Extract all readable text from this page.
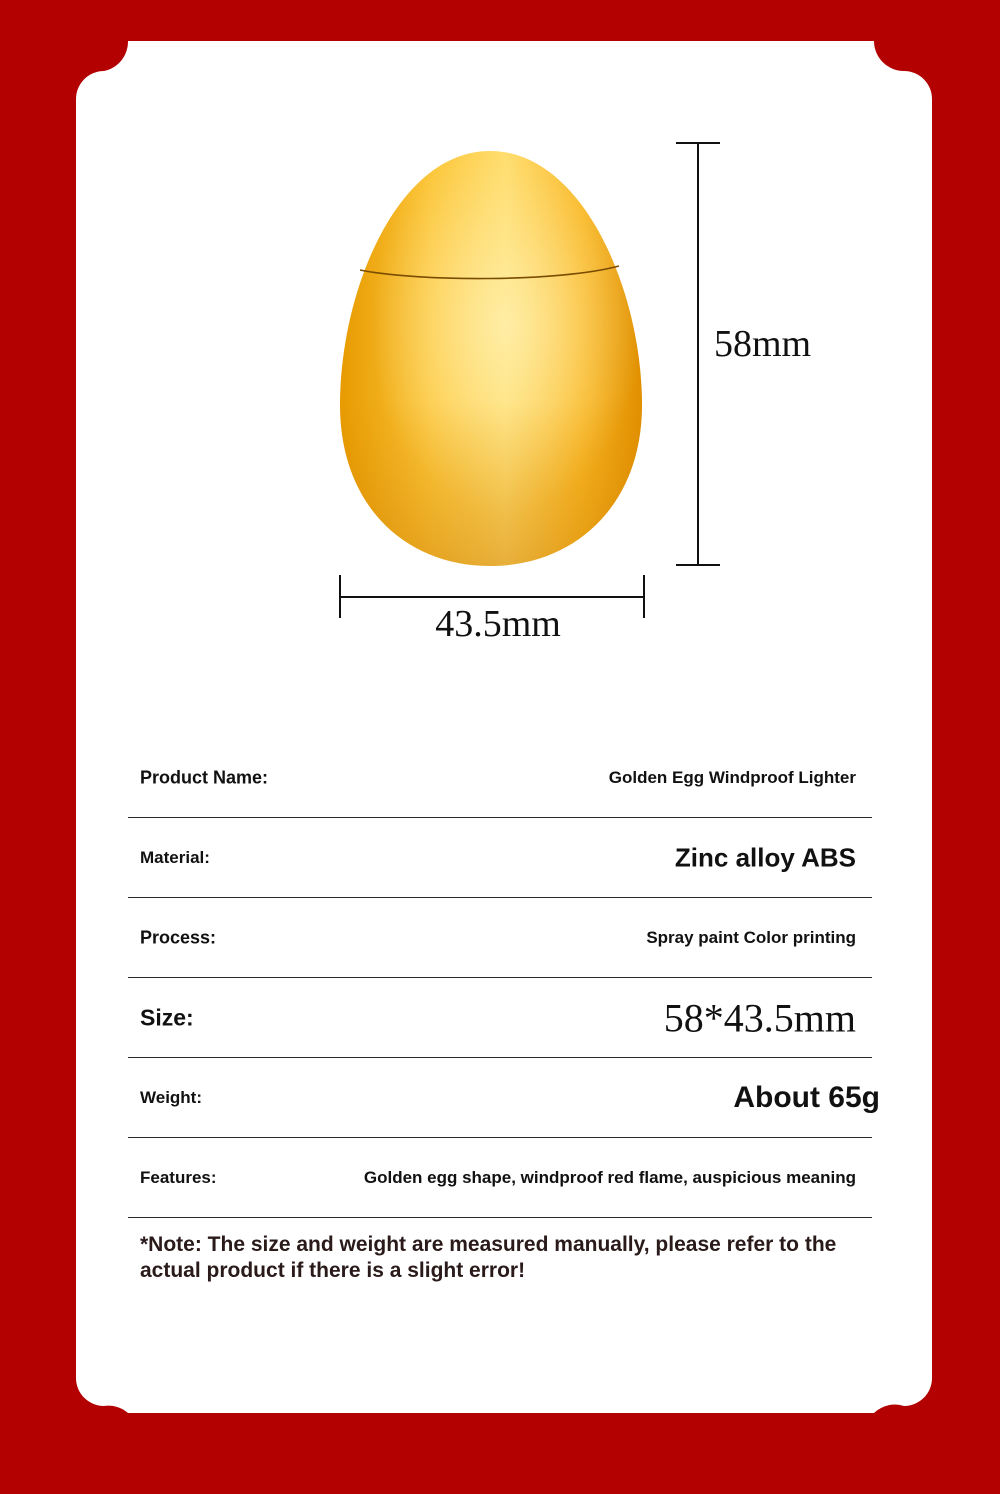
58mm
43.5mm
Product Name:	Golden Egg Windproof Lighter
Material:	Zinc alloy ABS
Process:	Spray paint Color printing
Size:	58*43.5mm
Weight:	About 65g
Features:	Golden egg shape, windproof red flame, auspicious meaning
*Note: The size and weight are measured manually, please refer to the actual product if there is a slight error!
